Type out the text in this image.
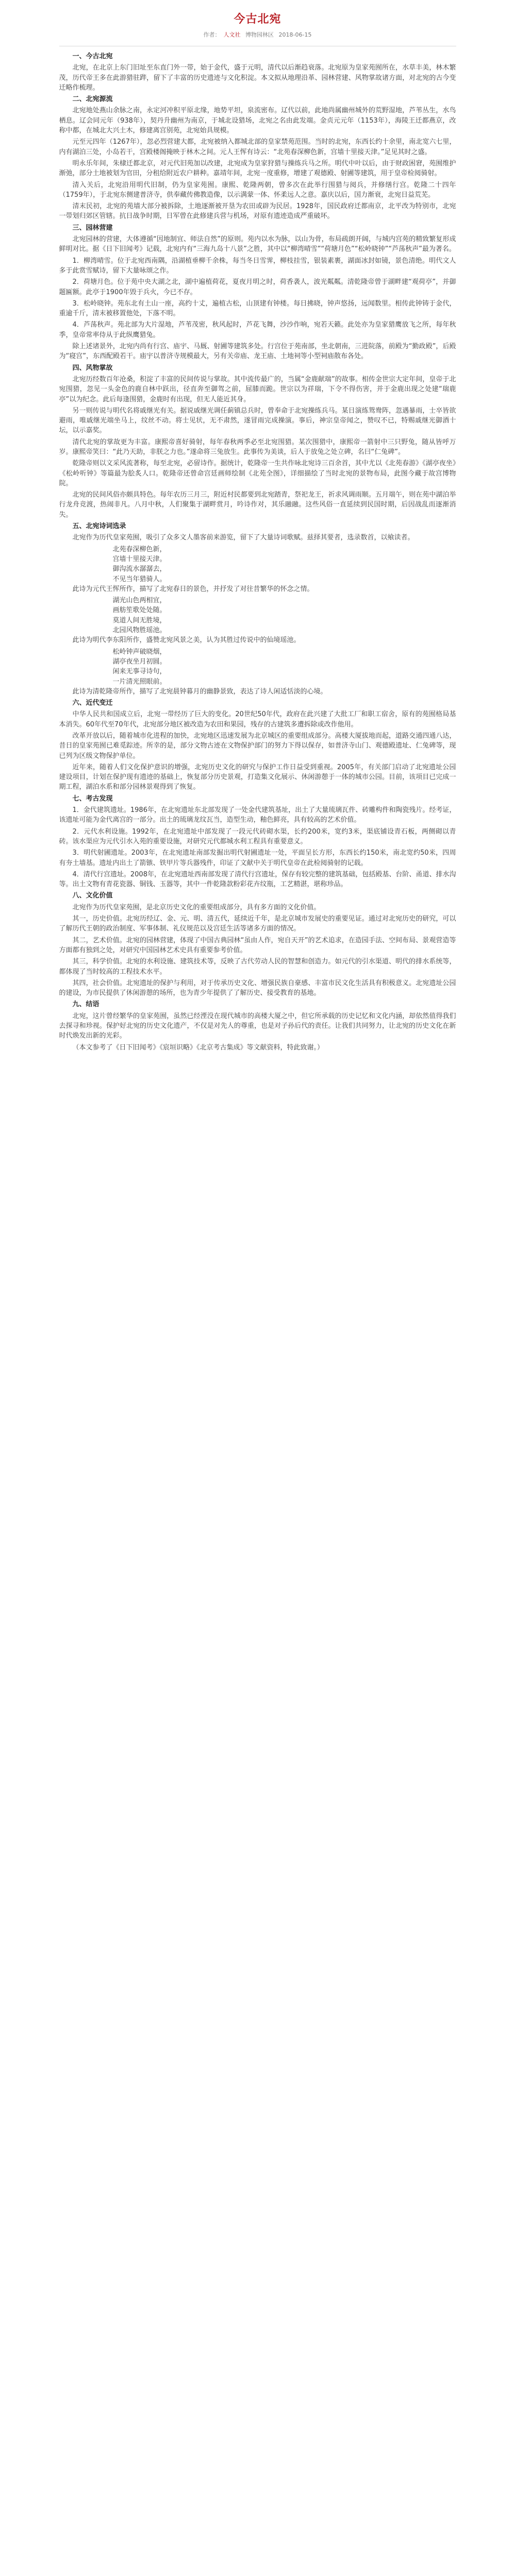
今古北宛
作者： 人文社 博物园林区 2018-06-15

一、今古北宛

北宛，在北京上东门旧址至东直门外一带，始于金代，盛于元明，清代以后渐趋衰落。北宛原为皇家苑囿所在，水草丰美，林木繁茂，历代帝王多在此游猎驻跸，留下了丰富的历史遗迹与文化积淀。本文拟从地理沿革、园林营建、风物掌故诸方面，对北宛的古今变迁略作梳理。

二、北宛源流

北宛地处燕山余脉之南，永定河冲积平原北缘，地势平坦，泉流密布。辽代以前，此地尚属幽州城外的荒野湿地，芦苇丛生，水鸟栖息。辽会同元年（938年），契丹升幽州为南京，于城北设猎场，北宛之名由此发端。金贞元元年（1153年），海陵王迁都燕京，改称中都，在城北大兴土木，修建离宫别苑，北宛始具规模。

元至元四年（1267年），忽必烈营建大都，北宛被纳入都城北部的皇家禁苑范围。当时的北宛，东西长约十余里，南北宽六七里，内有湖泊三处，小岛若干，宫殿楼阁掩映于林木之间。元人王恽有诗云：“北苑春深柳色新，宫墙十里接天津。”足见其时之盛。

明永乐年间，朱棣迁都北京，对元代旧苑加以改建，北宛成为皇家狩猎与操练兵马之所。明代中叶以后，由于财政困窘，苑囿维护渐弛，部分土地被划为官田，分租给附近农户耕种。嘉靖年间，北宛一度重修，增建了观德殿、射圃等建筑，用于皇帝检阅骑射。

清入关后，北宛沿用明代旧制，仍为皇家苑囿。康熙、乾隆两朝，曾多次在此举行围猎与阅兵，并修缮行宫。乾隆二十四年（1759年），于北宛东侧建普济寺，供奉藏传佛教造像，以示满蒙一体、怀柔远人之意。嘉庆以后，国力渐衰，北宛日益荒芜。

清末民初，北宛的苑墙大部分被拆除，土地逐渐被开垦为农田或辟为民居。1928年，国民政府迁都南京，北平改为特别市，北宛一带划归郊区管辖。抗日战争时期，日军曾在此修建兵营与机场，对原有遗迹造成严重破坏。

三、园林营建

北宛园林的营建，大体遵循“因地制宜、师法自然”的原则。苑内以水为脉，以山为骨，布局疏朗开阔，与城内宫苑的精致繁复形成鲜明对比。据《日下旧闻考》记载，北宛内有“三海九岛十八景”之胜，其中以“柳湾晴雪”“荷塘月色”“松岭晓钟”“芦荡秋声”最为著名。

1．柳湾晴雪。位于北宛西南隅，沿湖植垂柳千余株，每当冬日雪霁，柳枝挂雪，银装素裹，湖面冰封如镜，景色清绝。明代文人多于此赏雪赋诗，留下大量咏颂之作。

2．荷塘月色。位于苑中央大湖之北，湖中遍植荷花，夏夜月明之时，荷香袭人，波光粼粼。清乾隆帝曾于湖畔建“观荷亭”，并御题匾额。此亭于1900年毁于兵火，今已不存。

3．松岭晓钟。苑东北有土山一座，高约十丈，遍植古松，山顶建有钟楼。每日拂晓，钟声悠扬，远闻数里。相传此钟铸于金代，重逾千斤，清末被移置他处，下落不明。

4．芦荡秋声。苑北部为大片湿地，芦苇茂密，秋风起时，芦花飞舞，沙沙作响，宛若天籁。此处亦为皇家猎鹰放飞之所，每年秋季，皇帝常率侍从于此纵鹰猎兔。

除上述诸景外，北宛内尚有行宫、庙宇、马厩、射圃等建筑多处。行宫位于苑南部，坐北朝南，三进院落，前殿为“勤政殿”，后殿为“寝宫”，东西配殿若干。庙宇以普济寺规模最大，另有关帝庙、龙王庙、土地祠等小型祠庙散布各处。

四、风物掌故

北宛历经数百年沧桑，积淀了丰富的民间传说与掌故。其中流传最广的，当属“金鹿献瑞”的故事。相传金世宗大定年间，皇帝于北宛围猎，忽见一头金色的鹿自林中跃出，径直奔至御驾之前，屈膝而跪。世宗以为祥瑞，下令不得伤害，并于金鹿出现之处建“瑞鹿亭”以为纪念。此后每逢围猎，金鹿时有出现，但无人能近其身。

另一则传说与明代名将戚继光有关。据说戚继光调任蓟镇总兵时，曾奉命于北宛操练兵马。某日演练鸳鸯阵，忽遇暴雨，士卒皆欲避雨，唯戚继光端坐马上，纹丝不动。将士见状，无不肃然，遂冒雨完成操演。事后，神宗皇帝闻之，赞叹不已，特赐戚继光御酒十坛，以示嘉奖。

清代北宛的掌故更为丰富。康熙帝喜好骑射，每年春秋两季必至北宛围猎。某次围猎中，康熙帝一箭射中三只野兔，随从皆呼万岁。康熙帝笑曰：“此乃天助，非朕之力也。”遂命将三兔放生。此事传为美谈，后人于放兔之处立碑，名曰“仁兔碑”。

乾隆帝则以文采风流著称，每至北宛，必留诗作。据统计，乾隆帝一生共作咏北宛诗三百余首，其中尤以《北苑春游》《湖亭夜坐》《松岭听钟》等篇最为脍炙人口。乾隆帝还曾命宫廷画师绘制《北苑全图》，详细描绘了当时北宛的景物布局，此图今藏于故宫博物院。

北宛的民间风俗亦颇具特色。每年农历三月三，附近村民都要到北宛踏青，祭祀龙王，祈求风调雨顺。五月端午，则在苑中湖泊举行龙舟竞渡，热闹非凡。八月中秋，人们聚集于湖畔赏月，吟诗作对，其乐融融。这些风俗一直延续到民国时期，后因战乱而逐渐消失。

五、北宛诗词选录

北宛作为历代皇家苑囿，吸引了众多文人墨客前来游览，留下了大量诗词歌赋。兹择其要者，选录数首，以飨读者。

北苑春深柳色新，

宫墙十里接天津。

御沟流水潺潺去，

不见当年猎骑人。

此诗为元代王恽所作，描写了北宛春日的景色，并抒发了对往昔繁华的怀念之情。

湖光山色两相宜，

画舫笙歌处处随。

莫道人间无胜境，

北园风物胜瑶池。

此诗为明代李东阳所作，盛赞北宛风景之美，认为其胜过传说中的仙境瑶池。

松岭钟声破晓烟，

湖亭夜坐月初圆。

闲来无事寻诗句，

一片清光照眼前。

此诗为清乾隆帝所作，描写了北宛晨钟暮月的幽静景致，表达了诗人闲适恬淡的心境。

六、近代变迁

中华人民共和国成立后，北宛一带经历了巨大的变化。20世纪50年代，政府在此兴建了大批工厂和职工宿舍，原有的苑囿格局基本消失。60年代至70年代，北宛部分地区被改造为农田和果园，残存的古建筑多遭拆除或改作他用。

改革开放以后，随着城市化进程的加快，北宛地区迅速发展为北京城区的重要组成部分。高楼大厦拔地而起，道路交通四通八达，昔日的皇家苑囿已难觅踪迹。所幸的是，部分文物古迹在文物保护部门的努力下得以保存，如普济寺山门、观德殿遗址、仁兔碑等，现已列为区级文物保护单位。

近年来，随着人们文化保护意识的增强，北宛历史文化的研究与保护工作日益受到重视。2005年，有关部门启动了北宛遗址公园建设项目，计划在保护现有遗迹的基础上，恢复部分历史景观，打造集文化展示、休闲游憩于一体的城市公园。目前，该项目已完成一期工程，湖泊水系和部分园林景观得到了恢复。

七、考古发现

1．金代建筑遗址。1986年，在北宛遗址东北部发现了一处金代建筑基址，出土了大量琉璃瓦件、砖雕构件和陶瓷残片。经考证，该遗址可能为金代离宫的一部分。出土的琉璃龙纹瓦当，造型生动，釉色鲜亮，具有较高的艺术价值。

2．元代水利设施。1992年，在北宛遗址中部发现了一段元代砖砌水渠，长约200米，宽约3米，渠底铺设青石板，两侧砌以青砖。该水渠应为元代引水入苑的重要设施，对研究元代都城水利工程具有重要意义。

3．明代射圃遗址。2003年，在北宛遗址南部发掘出明代射圃遗址一处，平面呈长方形，东西长约150米，南北宽约50米，四周有夯土墙基。遗址内出土了箭镞、铁甲片等兵器残件，印证了文献中关于明代皇帝在此检阅骑射的记载。

4．清代行宫遗址。2008年，在北宛遗址西南部发现了清代行宫遗址，保存有较完整的建筑基础，包括殿基、台阶、甬道、排水沟等。出土文物有青花瓷器、铜钱、玉器等，其中一件乾隆款粉彩花卉纹瓶，工艺精湛，堪称珍品。

八、文化价值

北宛作为历代皇家苑囿，是北京历史文化的重要组成部分，具有多方面的文化价值。

其一，历史价值。北宛历经辽、金、元、明、清五代，延续近千年，是北京城市发展史的重要见证。通过对北宛历史的研究，可以了解历代王朝的政治制度、军事体制、礼仪规范以及宫廷生活等诸多方面的情况。

其二，艺术价值。北宛的园林营建，体现了中国古典园林“虽由人作，宛自天开”的艺术追求，在造园手法、空间布局、景观营造等方面都有独到之处，对研究中国园林艺术史具有重要参考价值。

其三，科学价值。北宛的水利设施、建筑技术等，反映了古代劳动人民的智慧和创造力。如元代的引水渠道、明代的排水系统等，都体现了当时较高的工程技术水平。

其四，社会价值。北宛遗址的保护与利用，对于传承历史文化、增强民族自豪感、丰富市民文化生活具有积极意义。北宛遗址公园的建设，为市民提供了休闲游憩的场所，也为青少年提供了了解历史、接受教育的基地。

九、结语

北宛，这片曾经繁华的皇家苑囿，虽然已经湮没在现代城市的高楼大厦之中，但它所承载的历史记忆和文化内涵，却依然值得我们去探寻和珍视。保护好北宛的历史文化遗产，不仅是对先人的尊重，也是对子孙后代的责任。让我们共同努力，让北宛的历史文化在新时代焕发出新的光彩。

（本文参考了《日下旧闻考》《宸垣识略》《北京考古集成》等文献资料，特此致谢。）
